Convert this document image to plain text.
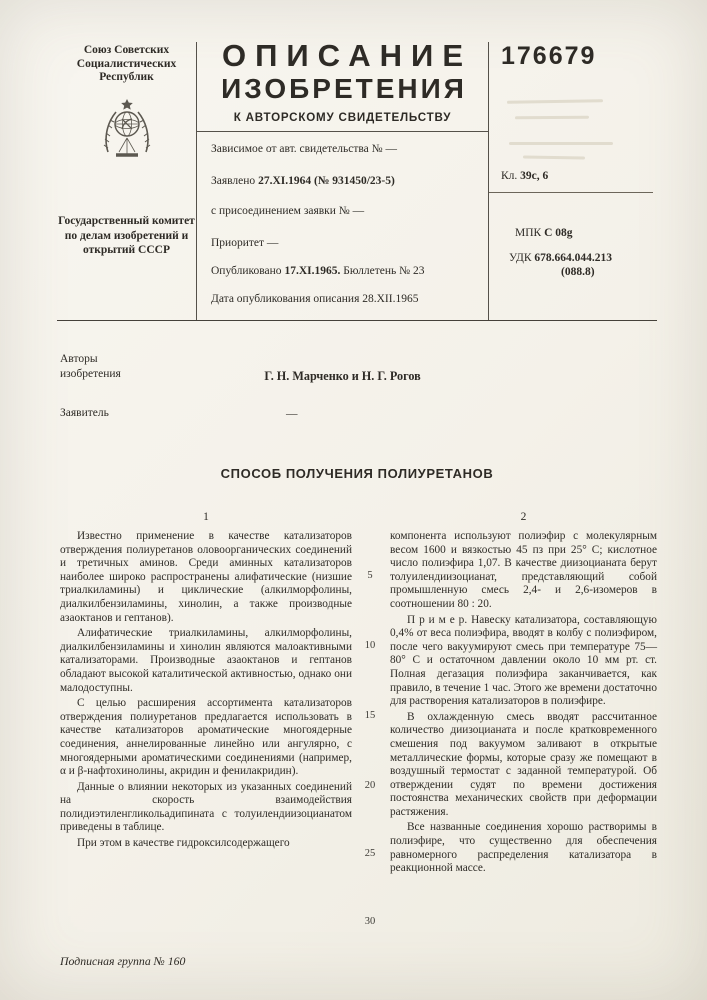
Союз Советских Социалистических Республик
Государственный комитет по делам изобретений и открытий СССР
ОПИСАНИЕ
ИЗОБРЕТЕНИЯ
К АВТОРСКОМУ СВИДЕТЕЛЬСТВУ
Зависимое от авт. свидетельства № —
Заявлено 27.XI.1964 (№ 931450/23-5)
с присоединением заявки № —
Приоритет —
Опубликовано 17.XI.1965. Бюллетень № 23
Дата опубликования описания 28.XII.1965
176679
Кл. 39с, 6
МПК C 08g
УДК 678.664.044.213
(088.8)
Авторы изобретения	Г. Н. Марченко и Н. Г. Рогов
Заявитель	—
СПОСОБ ПОЛУЧЕНИЯ ПОЛИУРЕТАНОВ
1	2

Известно применение в качестве катализаторов отверждения полиуретанов оловоорганических соединений и третичных аминов. Среди аминных катализаторов наиболее широко распространены алифатические (низшие триалкиламины) и циклические (алкилморфолины, диалкилбензиламины, хинолин, а также производные азаоктанов и гептанов).

Алифатические триалкиламины, алкилморфолины, диалкилбензиламины и хинолин являются малоактивными катализаторами. Производные азаоктанов и гептанов обладают высокой каталитической активностью, однако они малодоступны.

С целью расширения ассортимента катализаторов отверждения полиуретанов предлагается использовать в качестве катализаторов ароматические многоядерные соединения, аннелированные линейно или ангулярно, с многоядерными ароматическими соединениями (например, α и β-нафтохинолины, акридин и фенилакридин).

Данные о влиянии некоторых из указанных соединений на скорость взаимодействия полидиэтиленгликольадипината с толуилендиизоцианатом приведены в таблице.

При этом в качестве гидроксилсодержащего

5
10
15
20
25
30

компонента используют полиэфир с молекулярным весом 1600 и вязкостью 45 пз при 25° С; кислотное число полиэфира 1,07. В качестве диизоцианата берут толуилендиизоцианат, представляющий собой промышленную смесь 2,4- и 2,6-изомеров в соотношении 80 : 20.

П р и м е р. Навеску катализатора, составляющую 0,4% от веса полиэфира, вводят в колбу с полиэфиром, после чего вакуумируют смесь при температуре 75—80° С и остаточном давлении около 10 мм рт. ст. Полная дегазация полиэфира заканчивается, как правило, в течение 1 час. Этого же времени достаточно для растворения катализаторов в полиэфире.

В охлажденную смесь вводят рассчитанное количество диизоцианата и после кратковременного смешения под вакуумом заливают в открытые металлические формы, которые сразу же помещают в воздушный термостат с заданной температурой. Об отверждении судят по времени достижения постоянства механических свойств при деформации растяжения.

Все названные соединения хорошо растворимы в полиэфире, что существенно для обеспечения равномерного распределения катализатора в реакционной массе.

Подписная группа № 160
